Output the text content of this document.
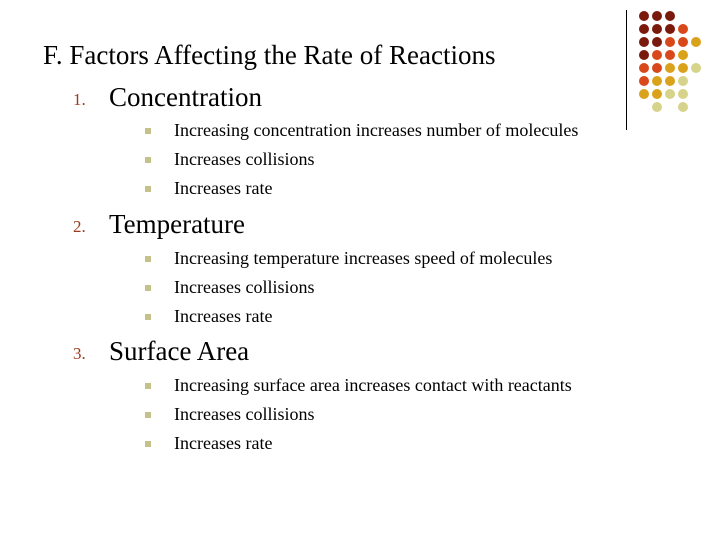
F. Factors Affecting the Rate of Reactions
1. Concentration
Increasing concentration increases number of molecules
Increases collisions
Increases rate
2. Temperature
Increasing temperature increases speed of molecules
Increases collisions
Increases rate
3. Surface Area
Increasing surface area increases contact with reactants
Increases collisions
Increases rate
